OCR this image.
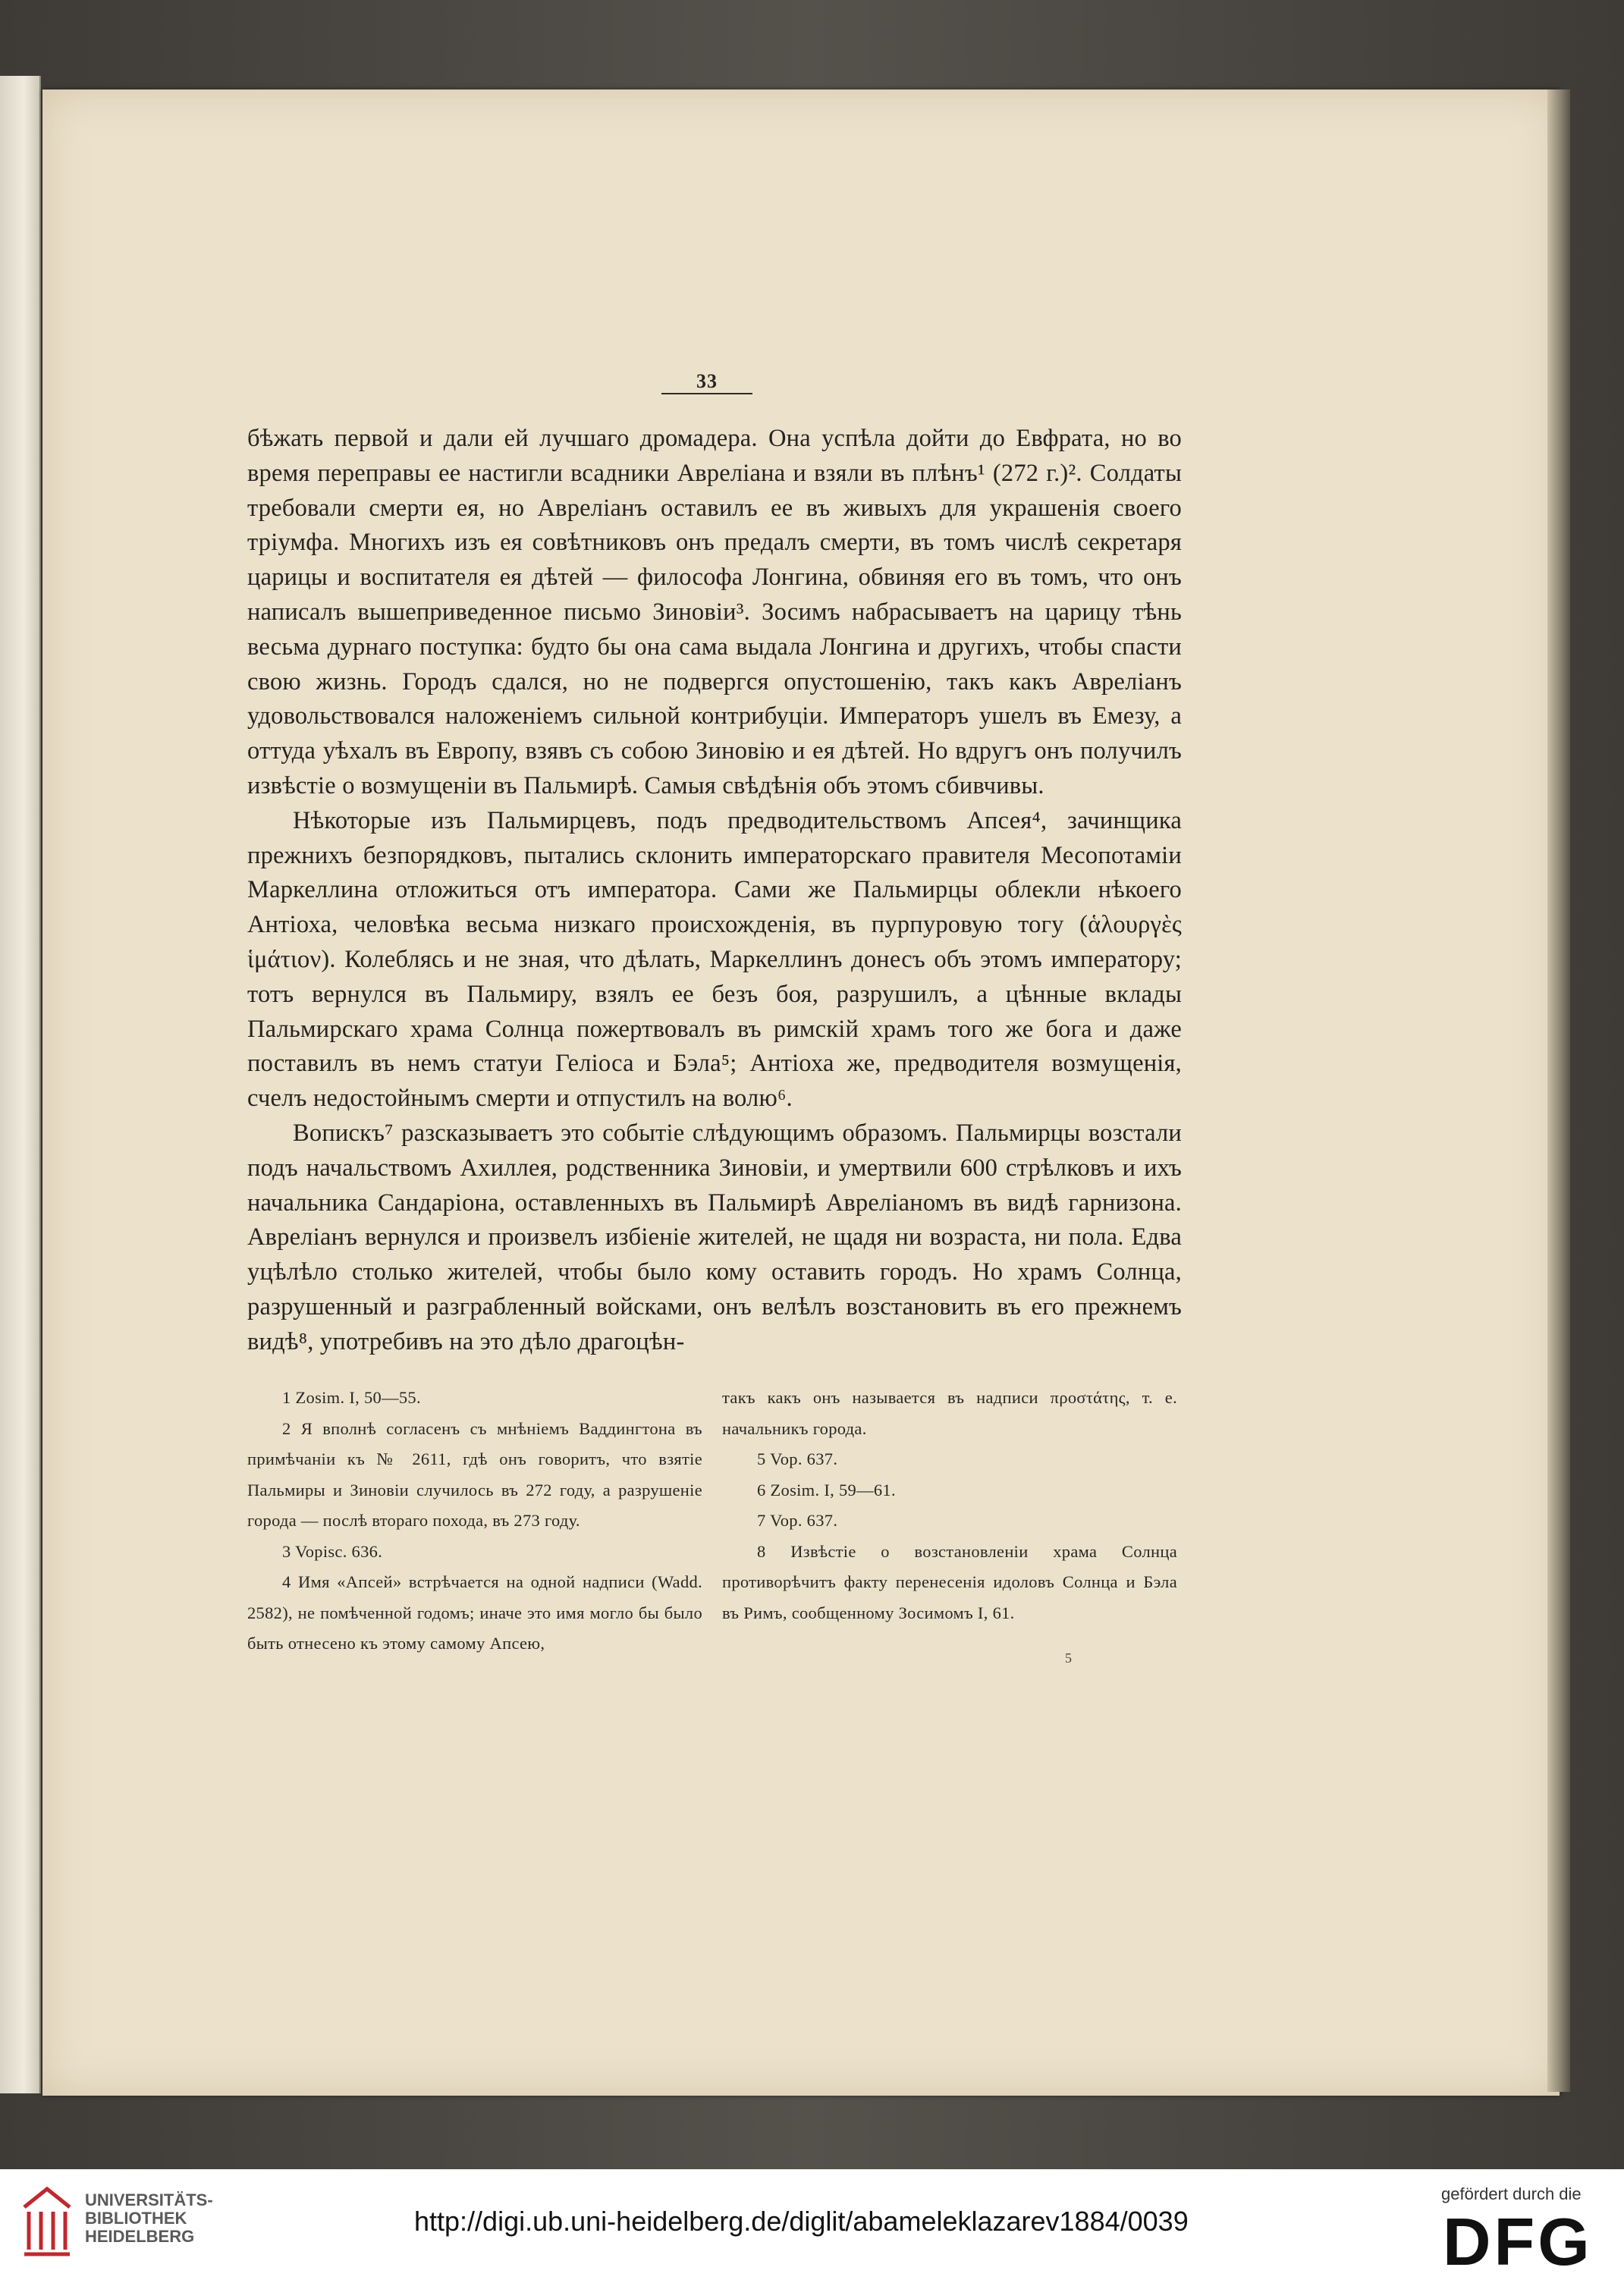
33

бѣжать первой и дали ей лучшаго дромадера. Она успѣла дойти до Евфрата, но во время переправы ее настигли всадники Авреліана и взяли въ плѣнъ¹ (272 г.)². Солдаты требовали смерти ея, но Авреліанъ оставилъ ее въ живыхъ для украшенія своего тріумфа. Многихъ изъ ея совѣтниковъ онъ предалъ смерти, въ томъ числѣ секретаря царицы и воспитателя ея дѣтей — философа Лонгина, обвиняя его въ томъ, что онъ написалъ вышеприведенное письмо Зиновіи³. Зосимъ набрасываетъ на царицу тѣнь весьма дурнаго поступка: будто бы она сама выдала Лонгина и другихъ, чтобы спасти свою жизнь. Городъ сдался, но не подвергся опустошенію, такъ какъ Авреліанъ удовольствовался наложеніемъ сильной контрибуціи. Императоръ ушелъ въ Емезу, а оттуда уѣхалъ въ Европу, взявъ съ собою Зиновію и ея дѣтей. Но вдругъ онъ получилъ извѣстіе о возмущеніи въ Пальмирѣ. Самыя свѣдѣнія объ этомъ сбивчивы.

Нѣкоторые изъ Пальмирцевъ, подъ предводительствомъ Апсея⁴, зачинщика прежнихъ безпорядковъ, пытались склонить императорскаго правителя Месопотаміи Маркеллина отложиться отъ императора. Сами же Пальмирцы облекли нѣкоего Антіоха, человѣка весьма низкаго происхожденія, въ пурпуровую тогу (ἁλουργὲς ἱμάτιον). Колеблясь и не зная, что дѣлать, Маркеллинъ донесъ объ этомъ императору; тотъ вернулся въ Пальмиру, взялъ ее безъ боя, разрушилъ, а цѣнные вклады Пальмирскаго храма Солнца пожертвовалъ въ римскій храмъ того же бога и даже поставилъ въ немъ статуи Геліоса и Бэла⁵; Антіоха же, предводителя возмущенія, счелъ недостойнымъ смерти и отпустилъ на волю⁶.

Вопискъ⁷ разсказываетъ это событіе слѣдующимъ образомъ. Пальмирцы возстали подъ начальствомъ Ахиллея, родственника Зиновіи, и умертвили 600 стрѣлковъ и ихъ начальника Сандаріона, оставленныхъ въ Пальмирѣ Авреліаномъ въ видѣ гарнизона. Авреліанъ вернулся и произвелъ избіеніе жителей, не щадя ни возраста, ни пола. Едва уцѣлѣло столько жителей, чтобы было кому оставить городъ. Но храмъ Солнца, разрушенный и разграбленный войсками, онъ велѣлъ возстановить въ его прежнемъ видѣ⁸, употребивъ на это дѣло драгоцѣн-

1 Zosim. I, 50—55.

2 Я вполнѣ согласенъ съ мнѣніемъ Ваддингтона въ примѣчаніи къ № 2611, гдѣ онъ говоритъ, что взятіе Пальмиры и Зиновіи случилось въ 272 году, а разрушеніе города — послѣ втораго похода, въ 273 году.

3 Vopisc. 636.

4 Имя «Апсей» встрѣчается на одной надписи (Wadd. 2582), не помѣченной годомъ; иначе это имя могло бы было быть отнесено къ этому самому Апсею,

такъ какъ онъ называется въ надписи προστάτης, т. е. начальникъ города.

5 Vop. 637.

6 Zosim. I, 59—61.

7 Vop. 637.

8 Извѣстіе о возстановленіи храма Солнца противорѣчитъ факту перенесенія идоловъ Солнца и Бэла въ Римъ, сообщенному Зосимомъ I, 61.

5
UNIVERSITÄTS-
BIBLIOTHEK
HEIDELBERG	http://digi.ub.uni-heidelberg.de/diglit/abameleklazarev1884/0039
gefördert durch die
DFG
